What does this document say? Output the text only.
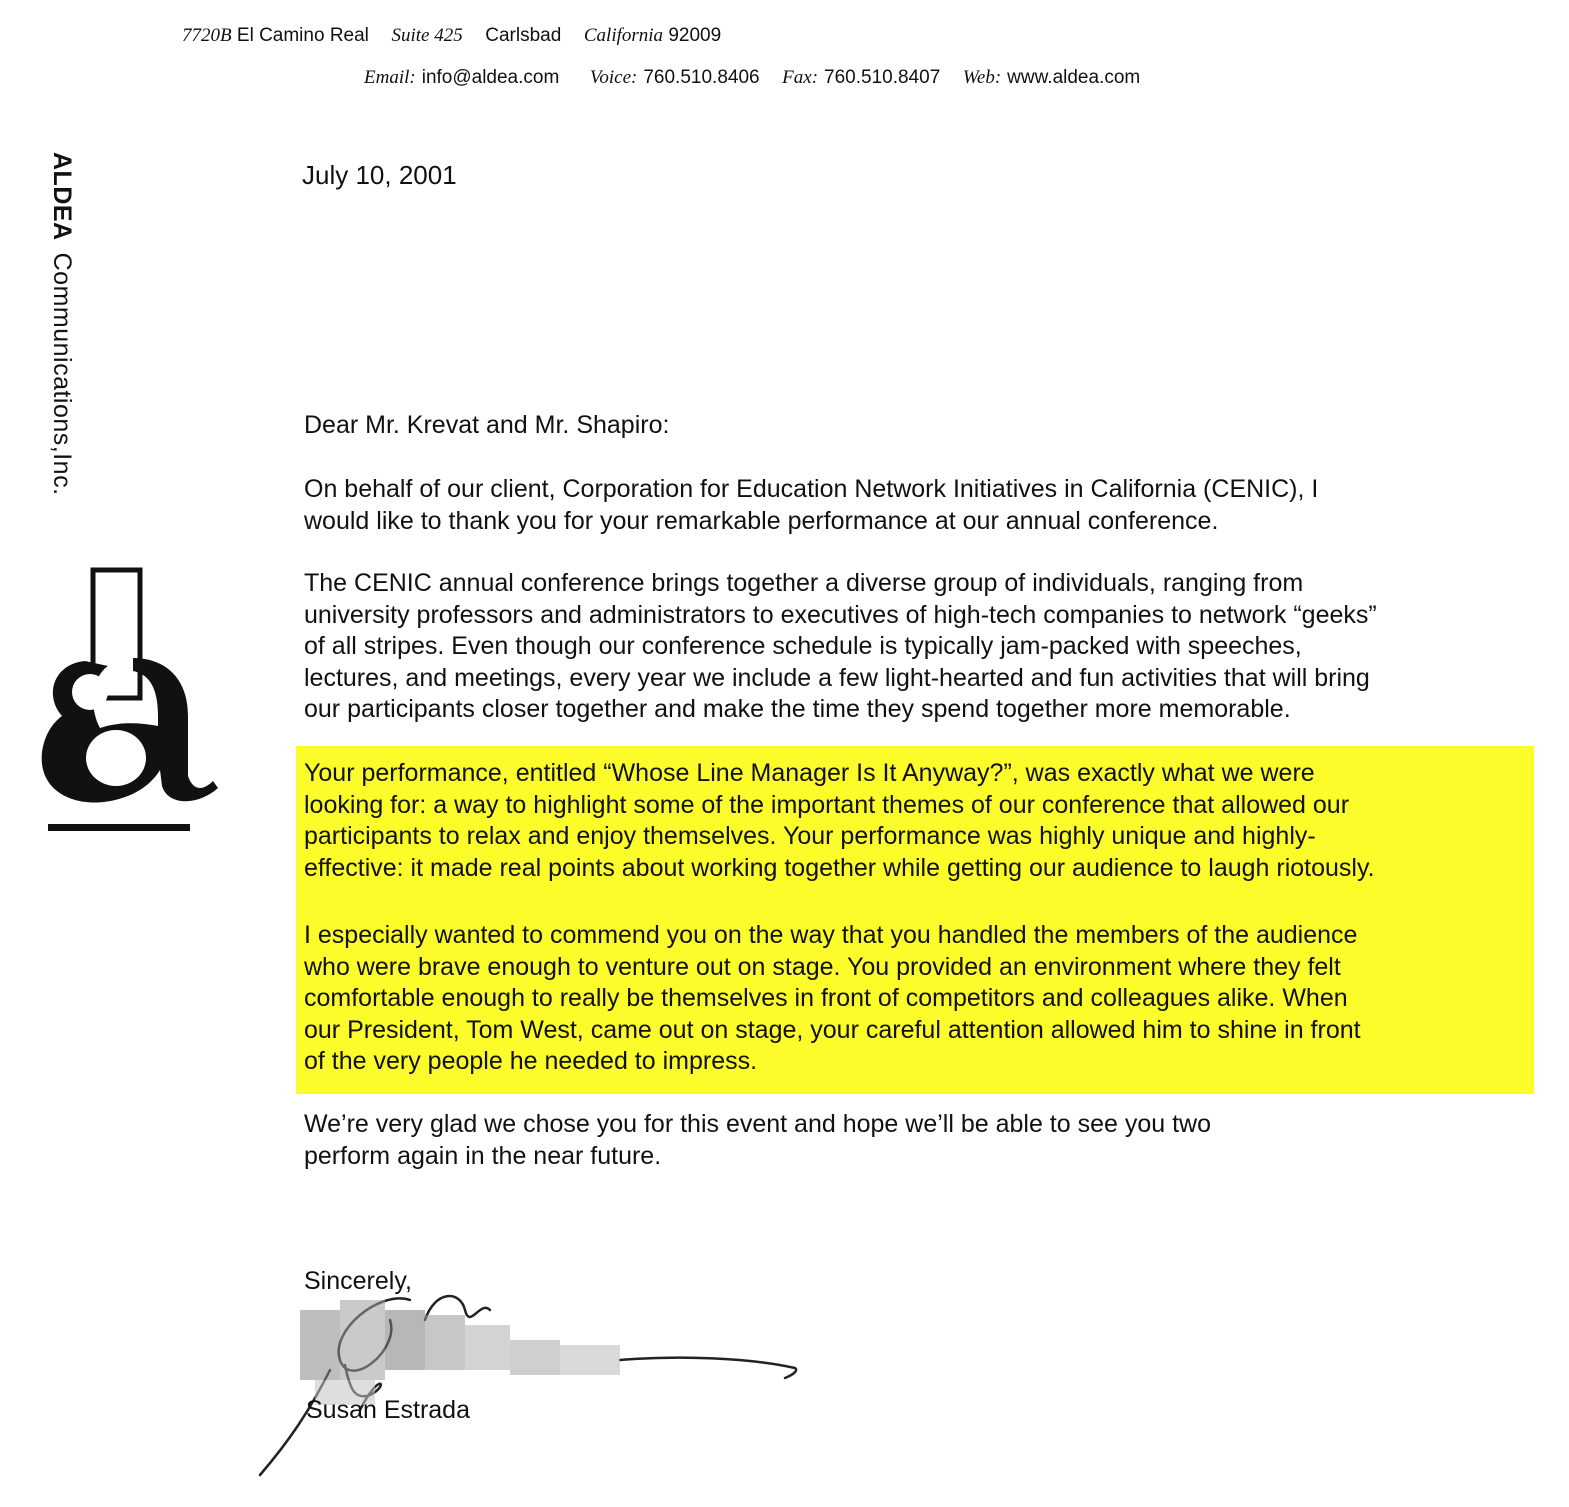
7720B El Camino Real Suite 425 Carlsbad California 92009
Email: info@aldea.com Voice: 760.510.8406 Fax: 760.510.8407 Web: www.aldea.com
ALDEACommunications,Inc.
July 10, 2001
Dear Mr. Krevat and Mr. Shapiro:
On behalf of our client, Corporation for Education Network Initiatives in California (CENIC), I
would like to thank you for your remarkable performance at our annual conference.
The CENIC annual conference brings together a diverse group of individuals, ranging from
university professors and administrators to executives of high-tech companies to network “geeks”
of all stripes. Even though our conference schedule is typically jam-packed with speeches,
lectures, and meetings, every year we include a few light-hearted and fun activities that will bring
our participants closer together and make the time they spend together more memorable.
Your performance, entitled “Whose Line Manager Is It Anyway?”, was exactly what we were
looking for: a way to highlight some of the important themes of our conference that allowed our
participants to relax and enjoy themselves. Your performance was highly unique and highly-
effective: it made real points about working together while getting our audience to laugh riotously.
I especially wanted to commend you on the way that you handled the members of the audience
who were brave enough to venture out on stage. You provided an environment where they felt
comfortable enough to really be themselves in front of competitors and colleagues alike. When
our President, Tom West, came out on stage, your careful attention allowed him to shine in front
of the very people he needed to impress.
We’re very glad we chose you for this event and hope we’ll be able to see you two
perform again in the near future.
Sincerely,
Susan Estrada
